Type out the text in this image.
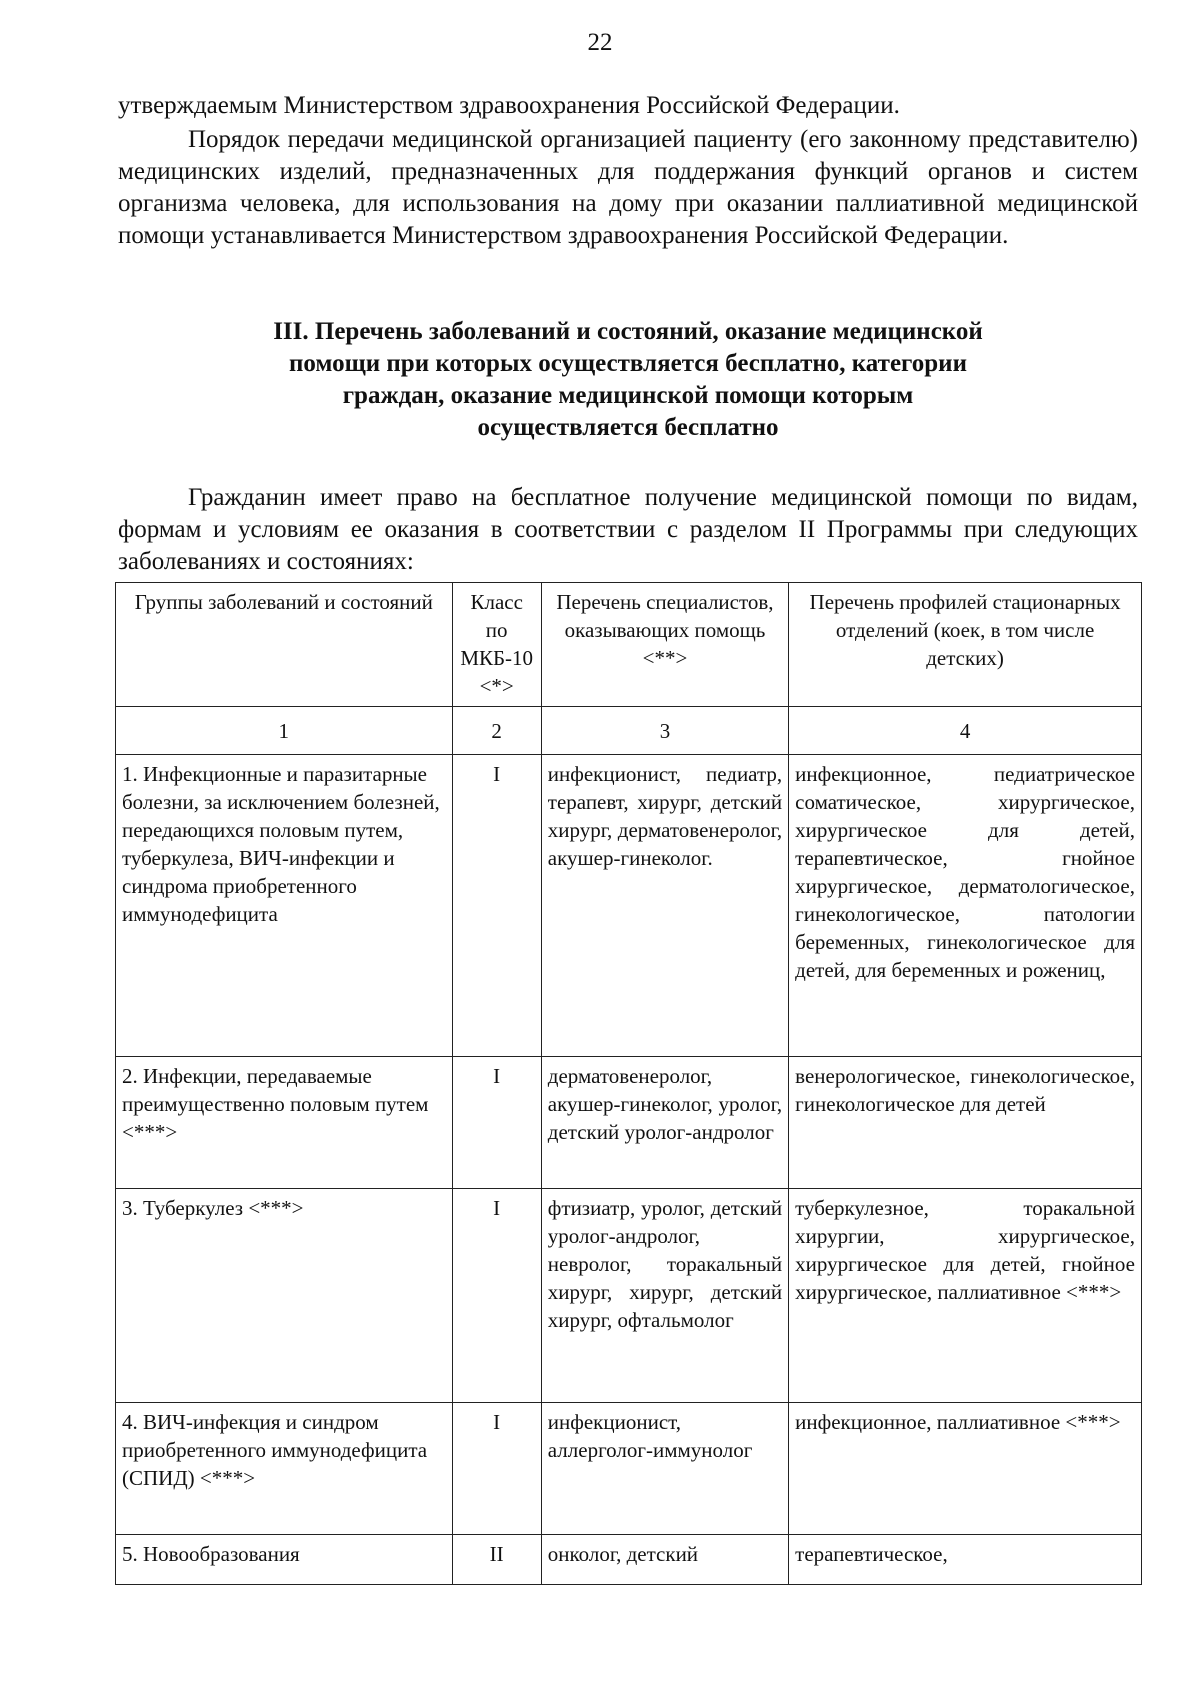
22
утверждаемым Министерством здравоохранения Российской Федерации.
Порядок передачи медицинской организацией пациенту (его законному представителю) медицинских изделий, предназначенных для поддержания функций органов и систем организма человека, для использования на дому при оказании паллиативной медицинской помощи устанавливается Министерством здравоохранения Российской Федерации.
III. Перечень заболеваний и состояний, оказание медицинской
помощи при которых осуществляется бесплатно, категории
граждан, оказание медицинской помощи которым
осуществляется бесплатно
Гражданин имеет право на бесплатное получение медицинской помощи по видам, формам и условиям ее оказания в соответствии с разделом II Программы при следующих заболеваниях и состояниях:
Группы заболеваний и состояний	Класс по МКБ-10 <*>	Перечень специалистов, оказывающих помощь <**>	Перечень профилей стационарных отделений (коек, в том числе детских)
1	2	3	4
1. Инфекционные и паразитарные болезни, за исключением болезней, передающихся половым путем, туберкулеза, ВИЧ-инфекции и синдрома приобретенного иммунодефицита	I	инфекционист, педиатр, терапевт, хирург, детский хирург, дерматовенеролог, акушер-гинеколог.	инфекционное, педиатрическое соматическое, хирургическое, хирургическое для детей, терапевтическое, гнойное хирургическое, дерматологическое, гинекологическое, патологии беременных, гинекологическое для детей, для беременных и рожениц,
2. Инфекции, передаваемые преимущественно половым путем <***>	I	дерматовенеролог, акушер-гинеколог, уролог, детский уролог-андролог	венерологическое, гинекологическое, гинекологическое для детей
3. Туберкулез <***>	I	фтизиатр, уролог, детский уролог-андролог, невролог, торакальный хирург, хирург, детский хирург, офтальмолог	туберкулезное, торакальной хирургии, хирургическое, хирургическое для детей, гнойное хирургическое, паллиативное <***>
4. ВИЧ-инфекция и синдром приобретенного иммунодефицита (СПИД) <***>	I	инфекционист, аллерголог-иммунолог	инфекционное, паллиативное <***>
5. Новообразования	II	онколог, детский	терапевтическое,
